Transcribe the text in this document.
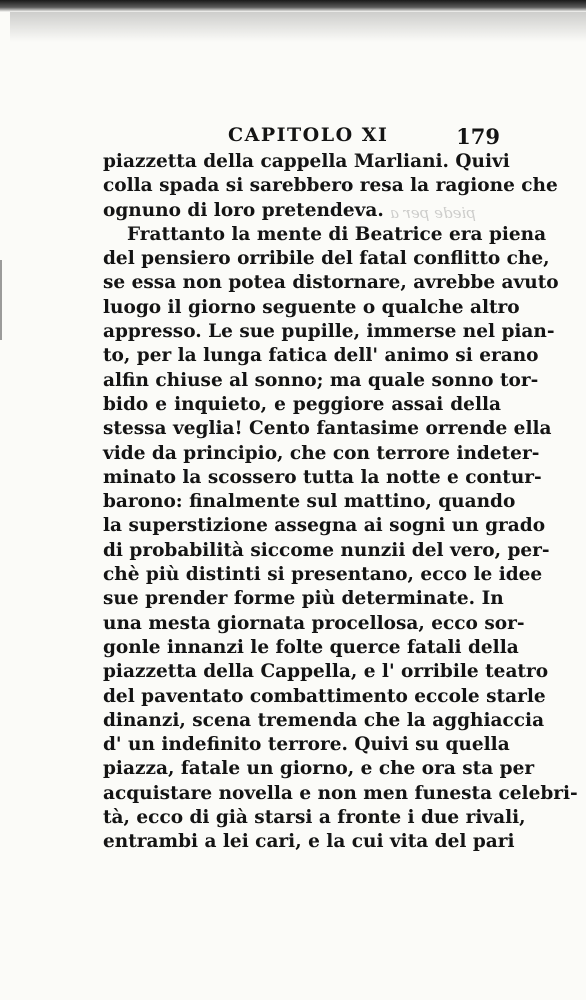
CAPITOLO XI	179
piede per a
piazzetta della cappella Marliani. Quivi
colla spada si sarebbero resa la ragione che
ognuno di loro pretendeva.
Frattanto la mente di Beatrice era piena
del pensiero orribile del fatal conflitto che,
se essa non potea distornare, avrebbe avuto
luogo il giorno seguente o qualche altro
appresso. Le sue pupille, immerse nel pian-
to, per la lunga fatica dell' animo si erano
alfin chiuse al sonno; ma quale sonno tor-
bido e inquieto, e peggiore assai della
stessa veglia! Cento fantasime orrende ella
vide da principio, che con terrore indeter-
minato la scossero tutta la notte e contur-
barono: finalmente sul mattino, quando
la superstizione assegna ai sogni un grado
di probabilità siccome nunzii del vero, per-
chè più distinti si presentano, ecco le idee
sue prender forme più determinate. In
una mesta giornata procellosa, ecco sor-
gonle innanzi le folte querce fatali della
piazzetta della Cappella, e l' orribile teatro
del paventato combattimento eccole starle
dinanzi, scena tremenda che la agghiaccia
d' un indefinito terrore. Quivi su quella
piazza, fatale un giorno, e che ora sta per
acquistare novella e non men funesta celebri-
tà, ecco di già starsi a fronte i due rivali,
entrambi a lei cari, e la cui vita del pari
